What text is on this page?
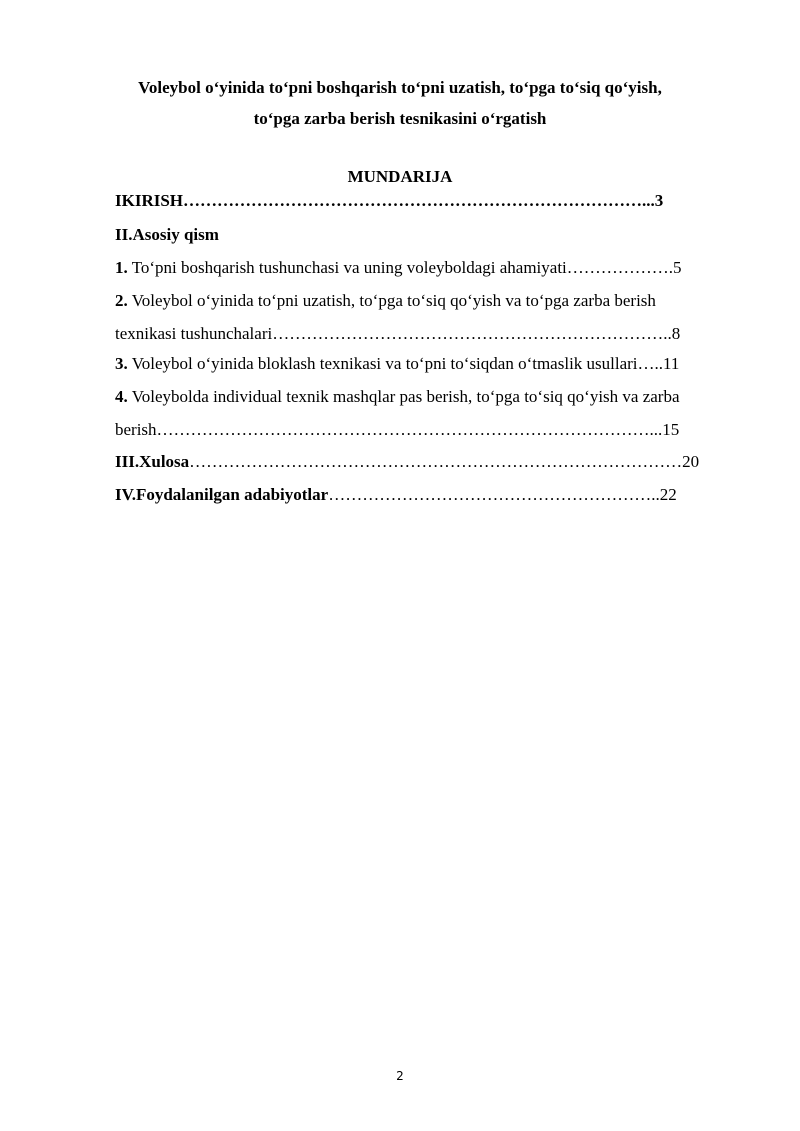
Voleybol o‘yinida to‘pni boshqarish to‘pni uzatish, to‘pga to‘siq qo‘yish,
to‘pga zarba berish tesnikasini o‘rgatish
MUNDARIJA
IKIRISH………………………………………………………………………...3
II.Asosiy qism
1. To‘pni boshqarish tushunchasi va uning voleyboldagi ahamiyati……………….5
2. Voleybol o‘yinida to‘pni uzatish, to‘pga to‘siq qo‘yish va to‘pga zarba berish
texnikasi tushunchalari……………………………………………………………..8
3. Voleybol o‘yinida bloklash texnikasi va to‘pni to‘siqdan o‘tmaslik usullari…..11
4. Voleybolda individual texnik mashqlar pas berish, to‘pga to‘siq qo‘yish va zarba
berish……………………………………………………………………………...15
III.Xulosa……………………………………………………………………………20
IV.Foydalanilgan adabiyotlar…………………………………………………..22
2
